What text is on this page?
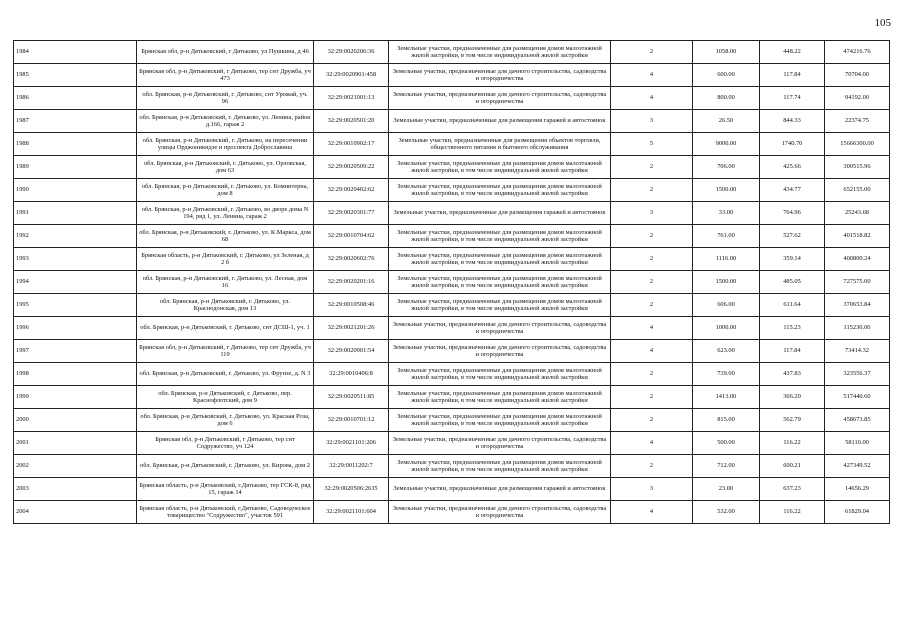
105
1984	Брянская обл, р-н Дятьковский, г Дятьково, ул Пушкина, д 46	32:29:0020206:36	Земельные участки, предназначенные для размещения домов малоэтажной жилой застройки, в том числе индивидуальной жилой застройки	2	1058.00	448.22	474216.76
1985	Брянская обл, р-н Дятьковский, г Дятьково, тер снт Дружба, уч 473	32:29:0020901:458	Земельные участки, предназначенные для дачного строительства, садоводства и огородничества	4	600.00	117.84	70704.00
1986	обл. Брянская, р-н Дятьковский, г. Дятьково, снт Урожай, уч. 96	32:29:0021001:13	Земельные участки, предназначенные для дачного строительства, садоводства и огородничества	4	800.00	117.74	94192.00
1987	обл. Брянская, р-н Дятьковский, г. Дятьково, ул. Ленина, район д.166, гараж 2	32:29:0020501:20	Земельные участки, предназначенные для размещения гаражей и автостоянок	3	26.50	844.33	22374.75
1988	обл. Брянская, р-н Дятьковский, г. Дятьково, на пересечении улицы Орджоникидзе и проспекта Доброславина	32:29:0010902:17	Земельные участки, предназначенные для размещения объектов торговли, общественного питания и бытового обслуживания	5	9000.00	1740.70	15666300.00
1989	обл. Брянская, р-н Дятьковский, г. Дятьково, ул. Орловская, дом 63	32:29:0020509:22	Земельные участки, предназначенные для размещения домов малоэтажной жилой застройки, в том числе индивидуальной жилой застройки	2	706.00	425.66	300515.96
1990	обл. Брянская, р-н Дятьковский, г. Дятьково, ул. Коминтерна, дом 8	32:29:0020402:62	Земельные участки, предназначенные для размещения домов малоэтажной жилой застройки, в том числе индивидуальной жилой застройки	2	1500.00	434.77	652155.00
1991	обл. Брянская, р-н Дятьковский, г. Дятьково, во дворе дома N 194, ряд 1, ул. Ленина, гараж 2	32:29:0020301:77	Земельные участки, предназначенные для размещения гаражей и автостоянок	3	33.00	764.96	25243.68
1992	обл. Брянская, р-н Дятьковский, г. Дятьково, ул. К.Маркса, дом 68	32:29:0010704:62	Земельные участки, предназначенные для размещения домов малоэтажной жилой застройки, в том числе индивидуальной жилой застройки	2	761.00	527.62	401518.82
1993	Брянская область, р-н Дятьковский, г. Дятьково, ул Зеленая, д 2 б	32:29:0020602:76	Земельные участки, предназначенные для размещения домов малоэтажной жилой застройки, в том числе индивидуальной жилой застройки	2	1116.00	359.14	400800.24
1994	обл. Брянская, р-н Дятьковский, г. Дятьково, ул. Лесная, дом 16	32:29:0020201:16	Земельные участки, предназначенные для размещения домов малоэтажной жилой застройки, в том числе индивидуальной жилой застройки	2	1500.00	485.05	727575.00
1995	обл. Брянская, р-н Дятьковский, г. Дятьково, ул. Краснодонская, дом 13	32:29:0010508:46	Земельные участки, предназначенные для размещения домов малоэтажной жилой застройки, в том числе индивидуальной жилой застройки	2	606.00	611.64	370653.84
1996	обл. Брянская, р-н Дятьковский, г. Дятьково, снт ДСШ-1, уч. 1	32:29:0021201:26	Земельные участки, предназначенные для дачного строительства, садоводства и огородничества	4	1000.00	115.23	115230.00
1997	Брянская обл, р-н Дятьковский, г Дятьково, тер снт Дружба, уч 119	32:29:0020901:54	Земельные участки, предназначенные для дачного строительства, садоводства и огородничества	4	623.00	117.84	73414.32
1998	обл. Брянская, р-н Дятьковский, г. Дятьково, ул. Фрунзе, д. N 3	32:29:0010406:8	Земельные участки, предназначенные для размещения домов малоэтажной жилой застройки, в том числе индивидуальной жилой застройки	2	739.00	437.83	323556.37
1999	обл. Брянская, р-н Дятьковский, г. Дятьково, пер. Краснофлотский, дом 9	32:29:0020511:85	Земельные участки, предназначенные для размещения домов малоэтажной жилой застройки, в том числе индивидуальной жилой застройки	2	1413.00	366.20	517440.60
2000	обл. Брянская, р-н Дятьковский, г. Дятьково, ул. Красная Роза, дом 6	32:29:0010701:12	Земельные участки, предназначенные для размещения домов малоэтажной жилой застройки, в том числе индивидуальной жилой застройки	2	815.00	562.79	458673.85
2001	Брянская обл, р-н Дятьковский, г Дятьково, тер снт Содружество, уч 124	32:29:0021101:206	Земельные участки, предназначенные для дачного строительства, садоводства и огородничества	4	500.00	116.22	58110.00
2002	обл. Брянская, р-н Дятьковский, г. Дятьково, ул. Кирова, дом 2	32:29:0011202:7	Земельные участки, предназначенные для размещения домов малоэтажной жилой застройки, в том числе индивидуальной жилой застройки	2	712.00	600.21	427349.52
2003	Брянская область, р-н Дятьковский, г.Дятьково, тер ГСК-8, ряд 15, гараж 14	32:29:0020506:2635	Земельные участки, предназначенные для размещения гаражей и автостоянок	3	23.00	637.23	14656.29
2004	Брянская область, р-н Дятьковский, г.Дятьково, Садоводческое товарищество "Содружество", участок 591	32:29:0021101:604	Земельные участки, предназначенные для дачного строительства, садоводства и огородничества	4	532.00	116.22	61829.04
